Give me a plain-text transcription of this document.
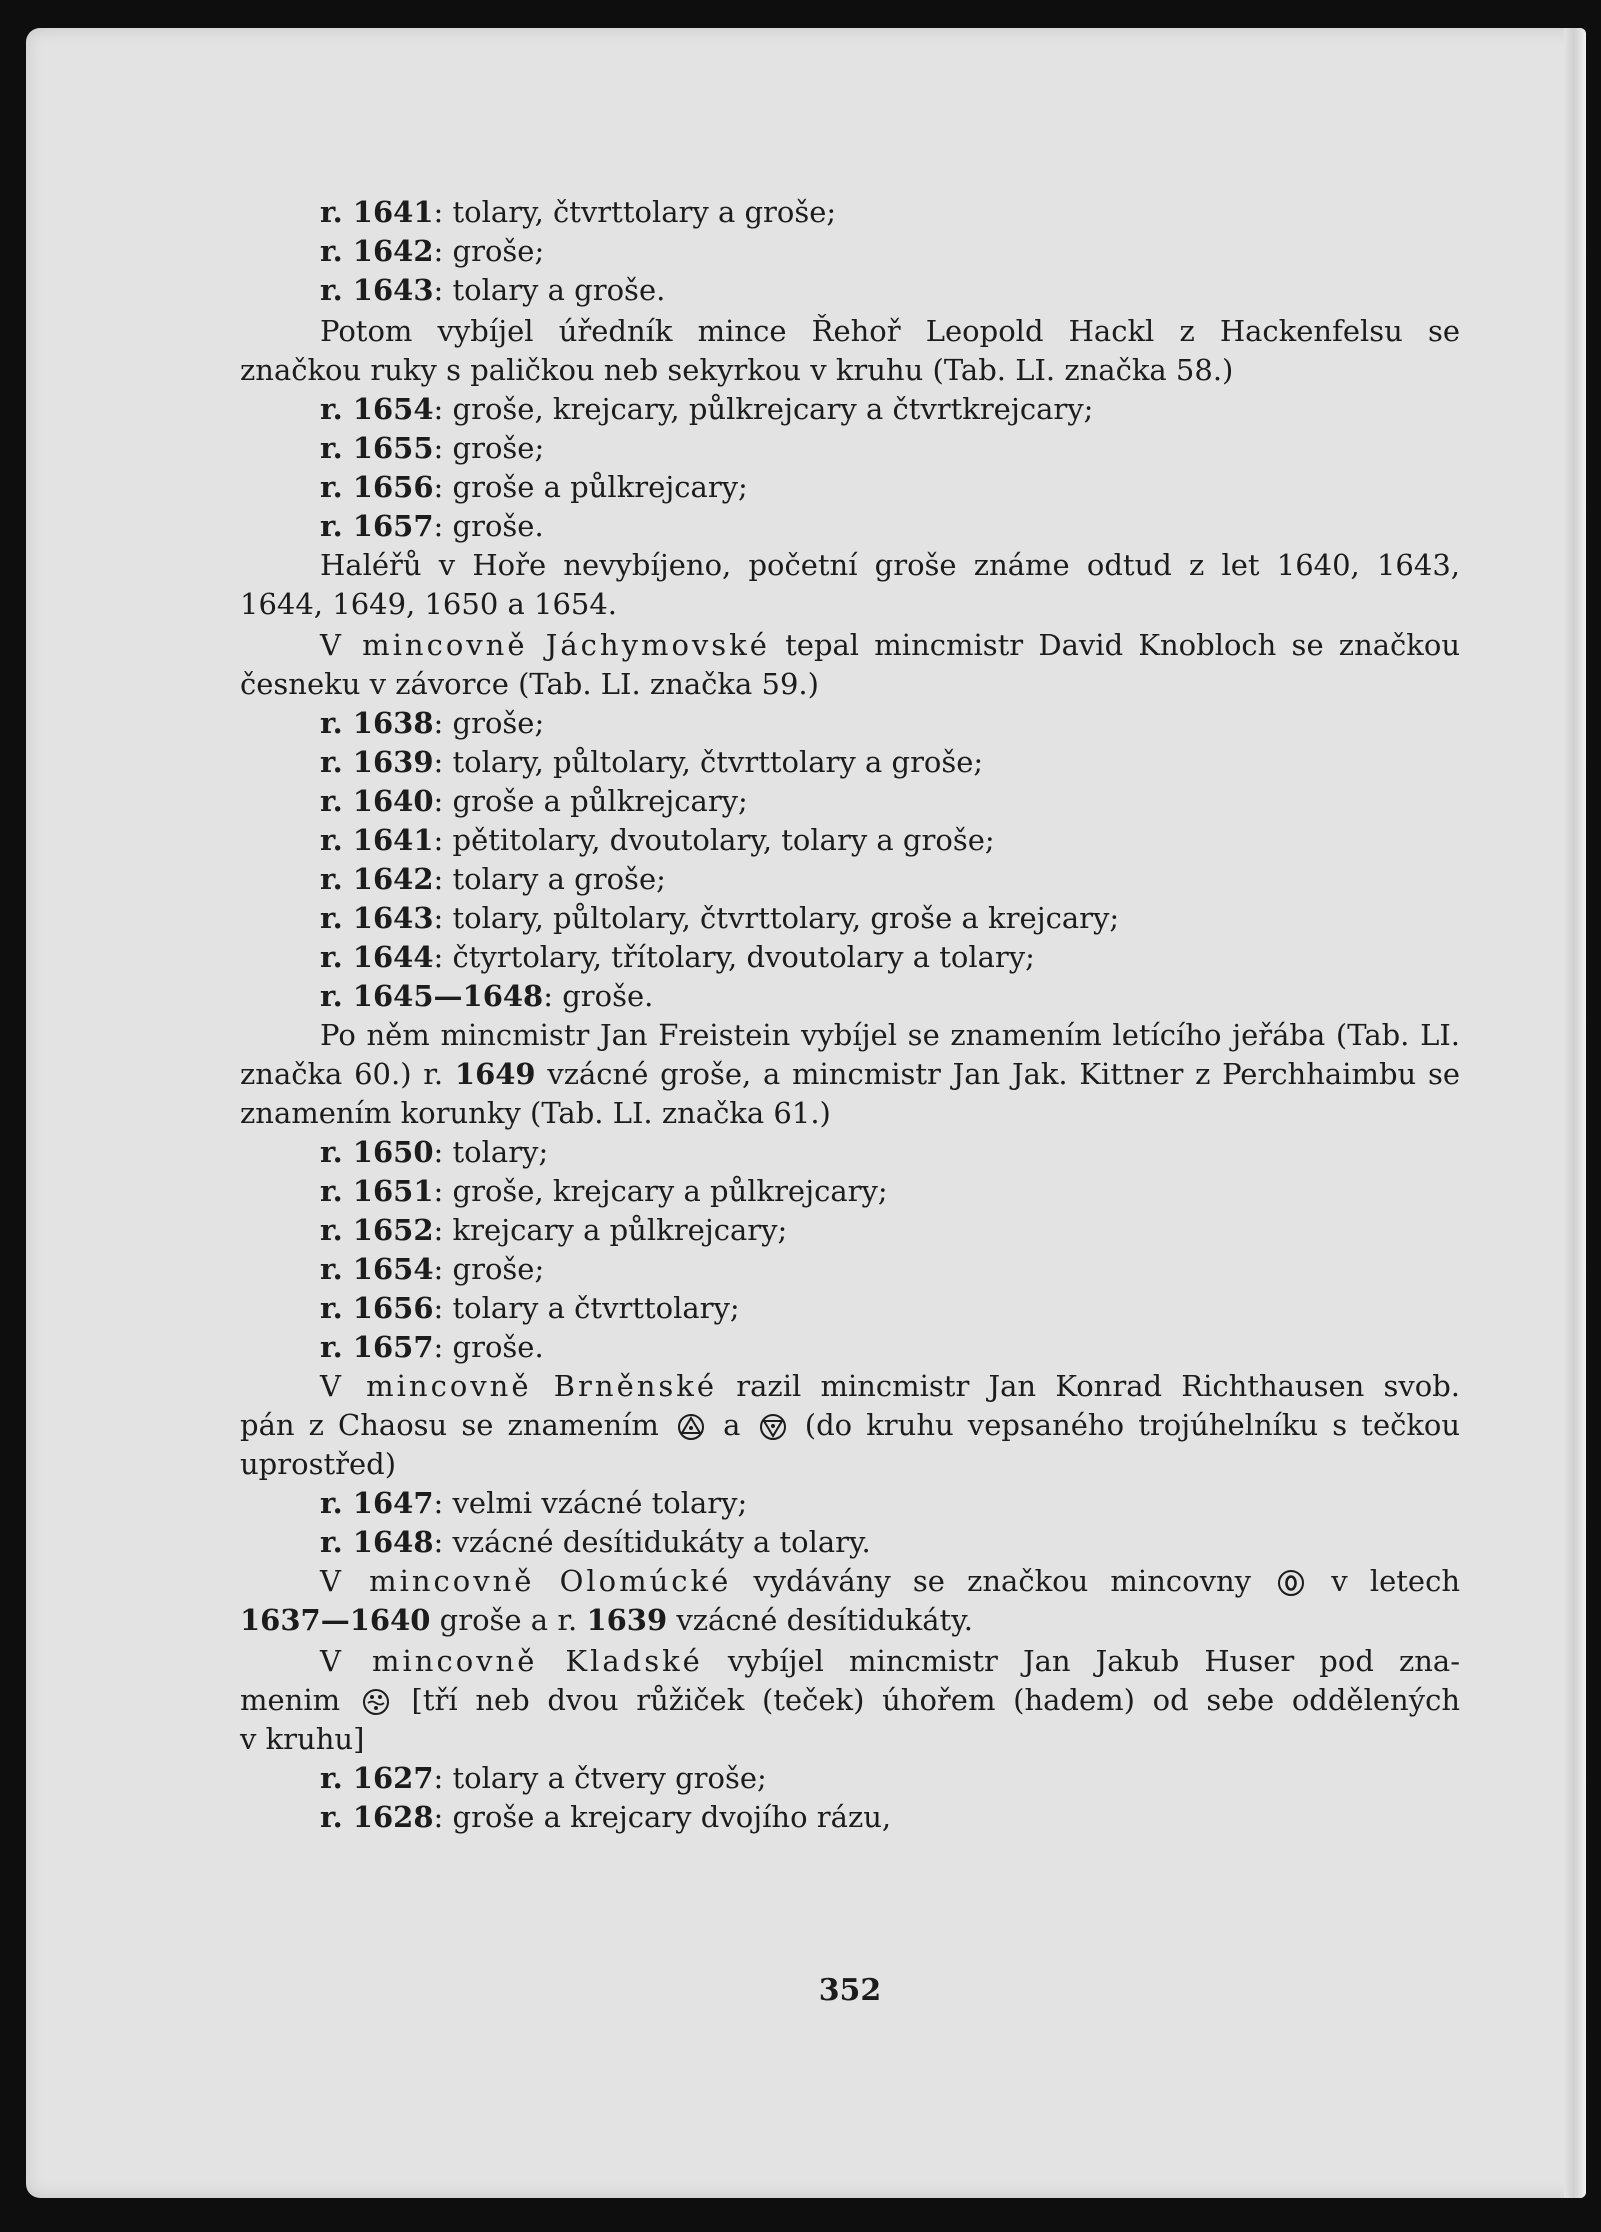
r. 1641: tolary, čtvrttolary a groše;
r. 1642: groše;
r. 1643: tolary a groše.
Potom vybíjel úředník mince Řehoř Leopold Hackl z Hackenfelsu se
značkou ruky s paličkou neb sekyrkou v kruhu (Tab. LI. značka 58.)
r. 1654: groše, krejcary, půlkrejcary a čtvrtkrejcary;
r. 1655: groše;
r. 1656: groše a půlkrejcary;
r. 1657: groše.
Haléřů v Hoře nevybíjeno, početní groše známe odtud z let 1640, 1643,
1644, 1649, 1650 a 1654.
V mincovně Jáchymovské tepal mincmistr David Knobloch se značkou
česneku v závorce (Tab. LI. značka 59.)
r. 1638: groše;
r. 1639: tolary, půltolary, čtvrttolary a groše;
r. 1640: groše a půlkrejcary;
r. 1641: pětitolary, dvoutolary, tolary a groše;
r. 1642: tolary a groše;
r. 1643: tolary, půltolary, čtvrttolary, groše a krejcary;
r. 1644: čtyrtolary, třítolary, dvoutolary a tolary;
r. 1645—1648: groše.
Po něm mincmistr Jan Freistein vybíjel se znamením letícího jeřába (Tab. LI.
značka 60.) r. 1649 vzácné groše, a mincmistr Jan Jak. Kittner z Perchhaimbu se
znamením korunky (Tab. LI. značka 61.)
r. 1650: tolary;
r. 1651: groše, krejcary a půlkrejcary;
r. 1652: krejcary a půlkrejcary;
r. 1654: groše;
r. 1656: tolary a čtvrttolary;
r. 1657: groše.
V mincovně Brněnské razil mincmistr Jan Konrad Richthausen svob.
pán z Chaosu se znamením a (do kruhu vepsaného trojúhelníku s tečkou
uprostřed)
r. 1647: velmi vzácné tolary;
r. 1648: vzácné desítidukáty a tolary.
V mincovně Olomúcké vydávány se značkou mincovny	v letech
1637—1640 groše a r. 1639 vzácné desítidukáty.
V mincovně Kladské vybíjel mincmistr Jan Jakub Huser pod zna-
menim [tří neb dvou růžiček (teček) úhořem (hadem) od sebe oddělených
v kruhu]
r. 1627: tolary a čtvery groše;
r. 1628: groše a krejcary dvojího rázu,
352
